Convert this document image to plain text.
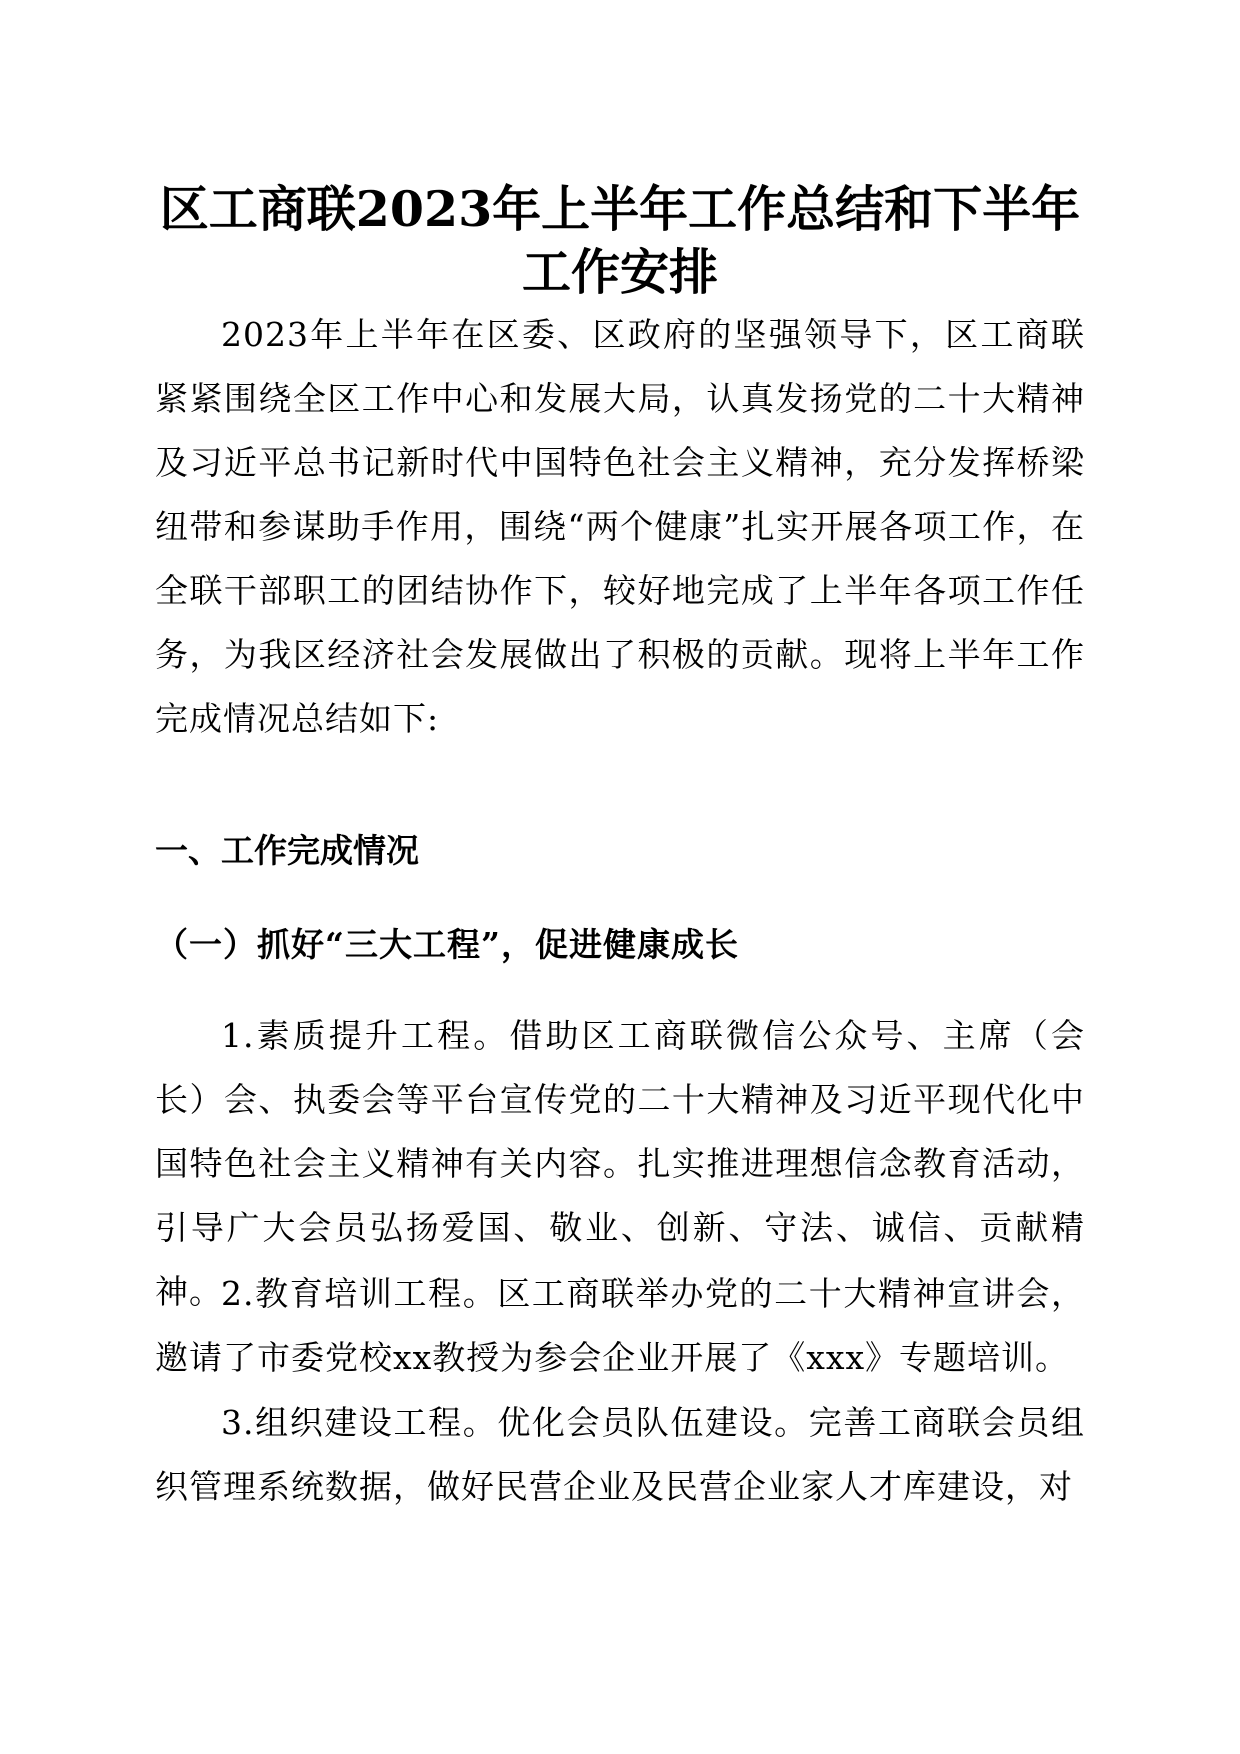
区工商联2023年上半年工作总结和下半年工作安排

2023年上半年在区委、区政府的坚强领导下，区工商联紧紧围绕全区工作中心和发展大局，认真发扬党的二十大精神及习近平总书记新时代中国特色社会主义精神，充分发挥桥梁纽带和参谋助手作用，围绕“两个健康”扎实开展各项工作，在全联干部职工的团结协作下，较好地完成了上半年各项工作任务，为我区经济社会发展做出了积极的贡献。现将上半年工作完成情况总结如下:

一、工作完成情况
（一）抓好“三大工程”，促进健康成长

1.素质提升工程。借助区工商联微信公众号、主席（会长）会、执委会等平台宣传党的二十大精神及习近平现代化中国特色社会主义精神有关内容。扎实推进理想信念教育活动，引导广大会员弘扬爱国、敬业、创新、守法、诚信、贡献精神。

2.教育培训工程。区工商联举办党的二十大精神宣讲会，邀请了市委党校xx教授为参会企业开展了《xxx》专题培训。

3.组织建设工程。优化会员队伍建设。完善工商联会员组织管理系统数据，做好民营企业及民营企业家人才库建设，对
